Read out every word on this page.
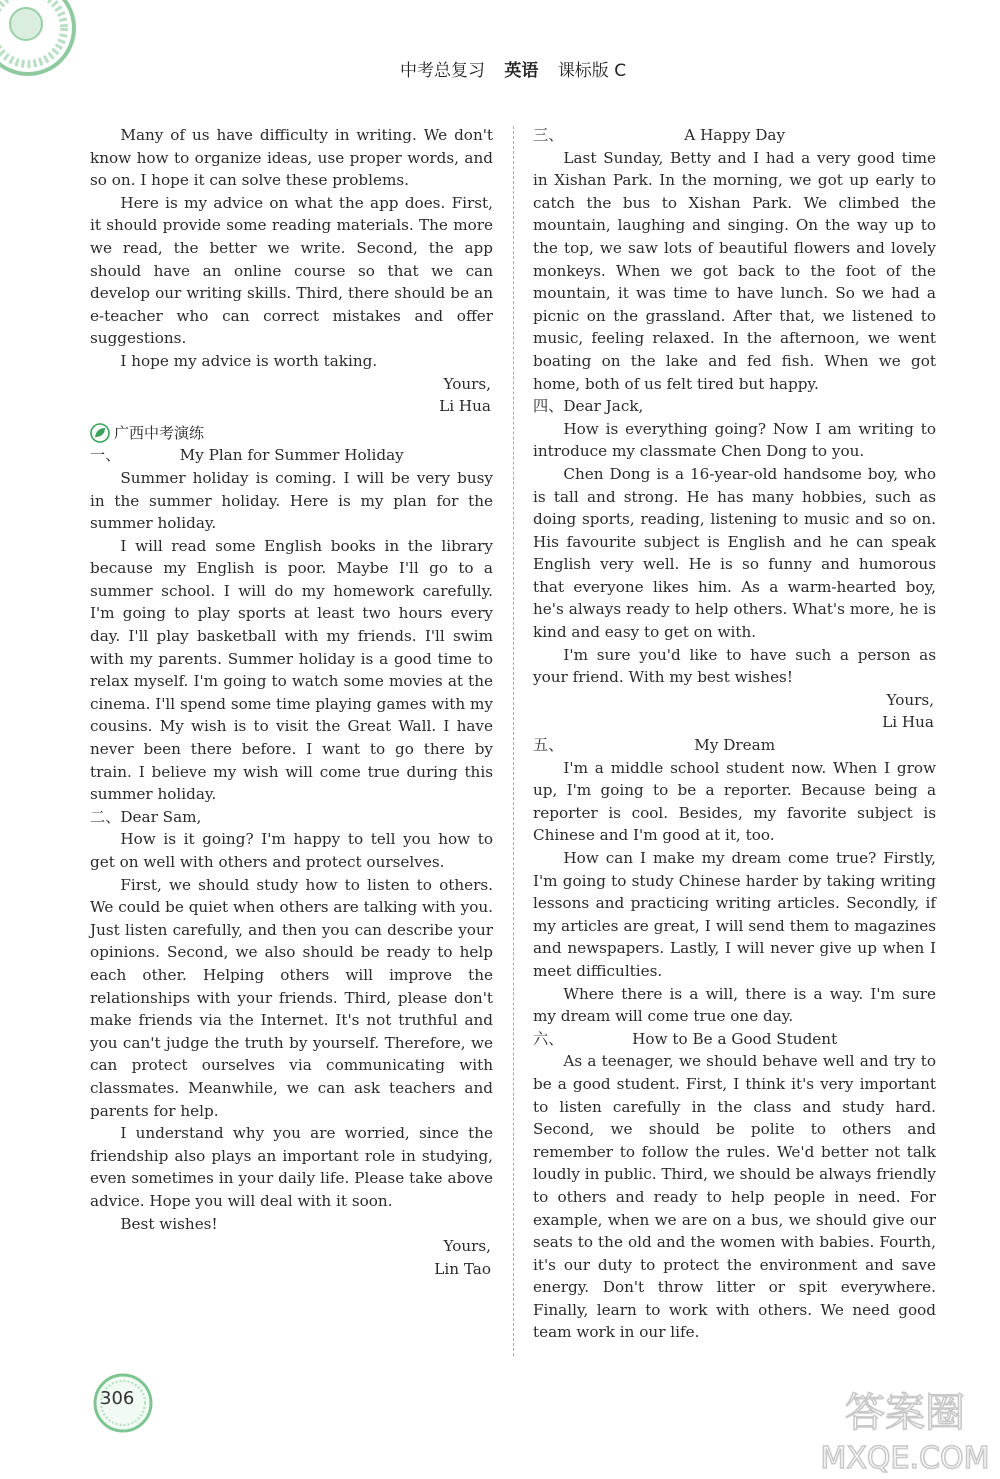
中考总复习 英语 课标版 C

Many of us have difficulty in writing. We don't know how to organize ideas, use proper words, and so on. I hope it can solve these problems.

Here is my advice on what the app does. First, it should provide some reading materials. The more we read, the better we write. Second, the app should have an online course so that we can develop our writing skills. Third, there should be an e-teacher who can correct mistakes and offer suggestions.

I hope my advice is worth taking.

Yours,

Li Hua

广西中考演练
一、	My Plan for Summer Holiday

Summer holiday is coming. I will be very busy in the summer holiday. Here is my plan for the summer holiday.

I will read some English books in the library because my English is poor. Maybe I'll go to a summer school. I will do my homework carefully. I'm going to play sports at least two hours every day. I'll play basketball with my friends. I'll swim with my parents. Summer holiday is a good time to relax myself. I'm going to watch some movies at the cinema. I'll spend some time playing games with my cousins. My wish is to visit the Great Wall. I have never been there before. I want to go there by train. I believe my wish will come true during this summer holiday.

二、 Dear Sam,

How is it going? I'm happy to tell you how to get on well with others and protect ourselves.

First, we should study how to listen to others. We could be quiet when others are talking with you. Just listen carefully, and then you can describe your opinions. Second, we also should be ready to help each other. Helping others will improve the relationships with your friends. Third, please don't make friends via the Internet. It's not truthful and you can't judge the truth by yourself. Therefore, we can protect ourselves via communicating with classmates. Meanwhile, we can ask teachers and parents for help.

I understand why you are worried, since the friendship also plays an important role in studying, even sometimes in your daily life. Please take above advice. Hope you will deal with it soon.

Best wishes!

Yours,

Lin Tao

三、	A Happy Day

Last Sunday, Betty and I had a very good time in Xishan Park. In the morning, we got up early to catch the bus to Xishan Park. We climbed the mountain, laughing and singing. On the way up to the top, we saw lots of beautiful flowers and lovely monkeys. When we got back to the foot of the mountain, it was time to have lunch. So we had a picnic on the grassland. After that, we listened to music, feeling relaxed. In the afternoon, we went boating on the lake and fed fish. When we got home, both of us felt tired but happy.

四、 Dear Jack,

How is everything going? Now I am writing to introduce my classmate Chen Dong to you.

Chen Dong is a 16-year-old handsome boy, who is tall and strong. He has many hobbies, such as doing sports, reading, listening to music and so on. His favourite subject is English and he can speak English very well. He is so funny and humorous that everyone likes him. As a warm-hearted boy, he's always ready to help others. What's more, he is kind and easy to get on with.

I'm sure you'd like to have such a person as your friend. With my best wishes!

Yours,

Li Hua

五、	My Dream

I'm a middle school student now. When I grow up, I'm going to be a reporter. Because being a reporter is cool. Besides, my favorite subject is Chinese and I'm good at it, too.

How can I make my dream come true? Firstly, I'm going to study Chinese harder by taking writing lessons and practicing writing articles. Secondly, if my articles are great, I will send them to magazines and newspapers. Lastly, I will never give up when I meet difficulties.

Where there is a will, there is a way. I'm sure my dream will come true one day.

六、	How to Be a Good Student

As a teenager, we should behave well and try to be a good student. First, I think it's very important to listen carefully in the class and study hard. Second, we should be polite to others and remember to follow the rules. We'd better not talk loudly in public. Third, we should be always friendly to others and ready to help people in need. For example, when we are on a bus, we should give our seats to the old and the women with babies. Fourth, it's our duty to protect the environment and save energy. Don't throw litter or spit everywhere. Finally, learn to work with others. We need good team work in our life.

306	答案圈
MXQE.COM
